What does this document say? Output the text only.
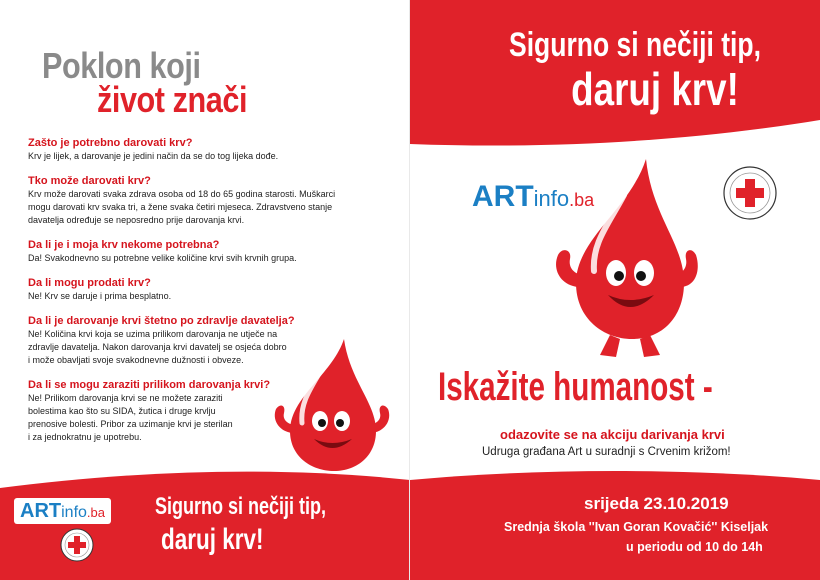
Poklon koji
život znači
Zašto je potrebno darovati krv?
Krv je lijek, a darovanje je jedini način da se do tog lijeka dođe.
Tko može darovati krv?
Krv može darovati svaka zdrava osoba od 18 do 65 godina starosti. Muškarci
mogu darovati krv svaka tri, a žene svaka četiri mjeseca. Zdravstveno stanje
davatelja određuje se neposredno prije darovanja krvi.
Da li je i moja krv nekome potrebna?
Da! Svakodnevno su potrebne velike količine krvi svih krvnih grupa.
Da li mogu prodati krv?
Ne! Krv se daruje i prima besplatno.
Da li je darovanje krvi štetno po zdravlje davatelja?
Ne! Količina krvi koja se uzima prilikom darovanja ne utječe na
zdravlje davatelja. Nakon darovanja krvi davatelj se osjeća dobro
i može obavljati svoje svakodnevne dužnosti i obveze.
Da li se mogu zaraziti prilikom darovanja krvi?
Ne! Prilikom darovanja krvi se ne možete zaraziti
bolestima kao što su SIDA, žutica i druge krvlju
prenosive bolesti. Pribor za uzimanje krvi je sterilan
i za jednokratnu je upotrebu.
ARTinfo.ba Sigurno si nečiji tip,
daruj krv!
Sigurno si nečiji tip,
daruj krv!
ARTinfo.ba
Iskažite humanost -
odazovite se na akciju darivanja krvi
Udruga građana Art u suradnji s Crvenim križom!
srijeda 23.10.2019
Srednja škola ''Ivan Goran Kovačić'' Kiseljak
u periodu od 10 do 14h
